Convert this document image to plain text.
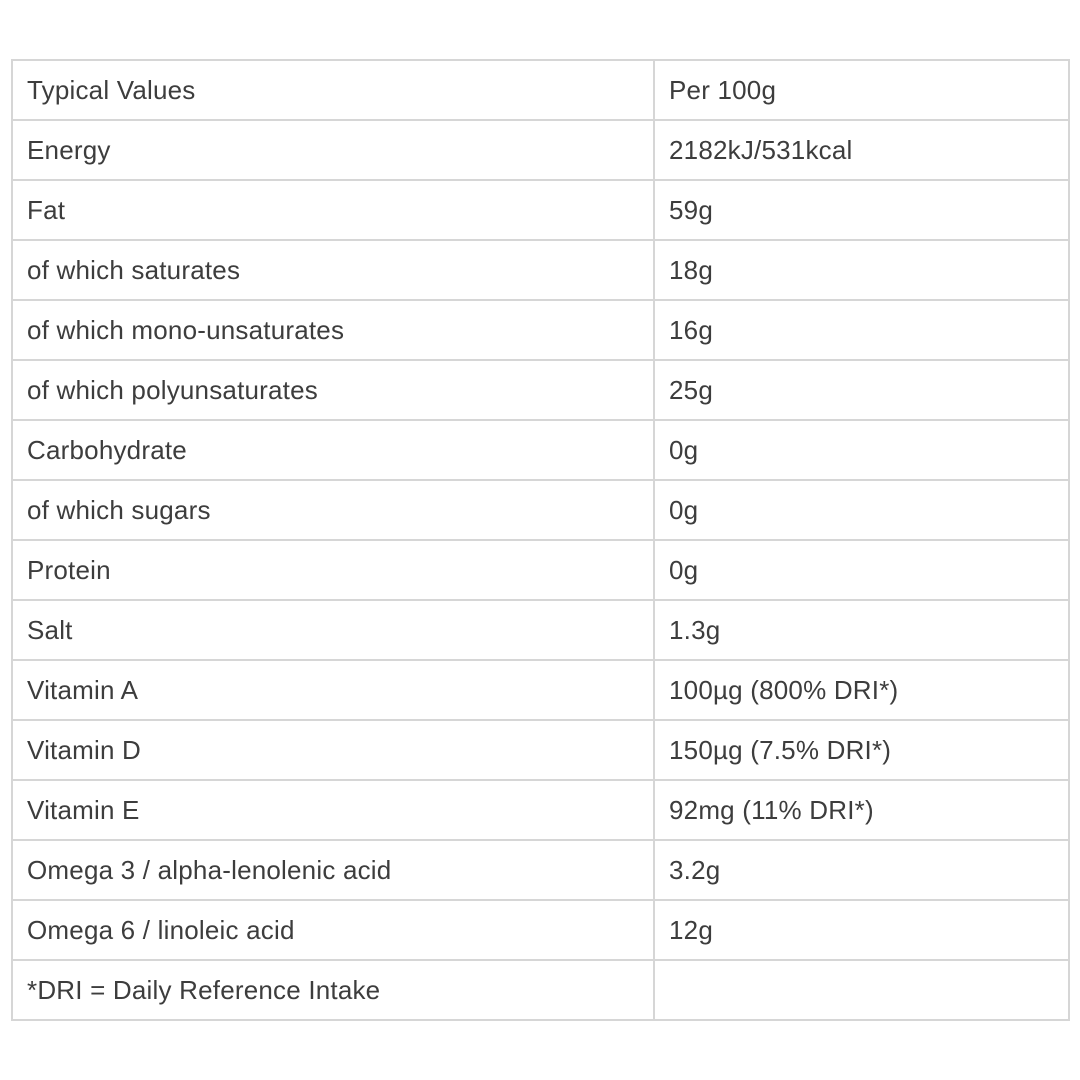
Typical Values	Per 100g
Energy	2182kJ/531kcal
Fat	59g
of which saturates	18g
of which mono-unsaturates	16g
of which polyunsaturates	25g
Carbohydrate	0g
of which sugars	0g
Protein	0g
Salt	1.3g
Vitamin A	100µg (800% DRI*)
Vitamin D	150µg (7.5% DRI*)
Vitamin E	92mg (11% DRI*)
Omega 3 / alpha-lenolenic acid	3.2g
Omega 6 / linoleic acid	12g
*DRI = Daily Reference Intake	
